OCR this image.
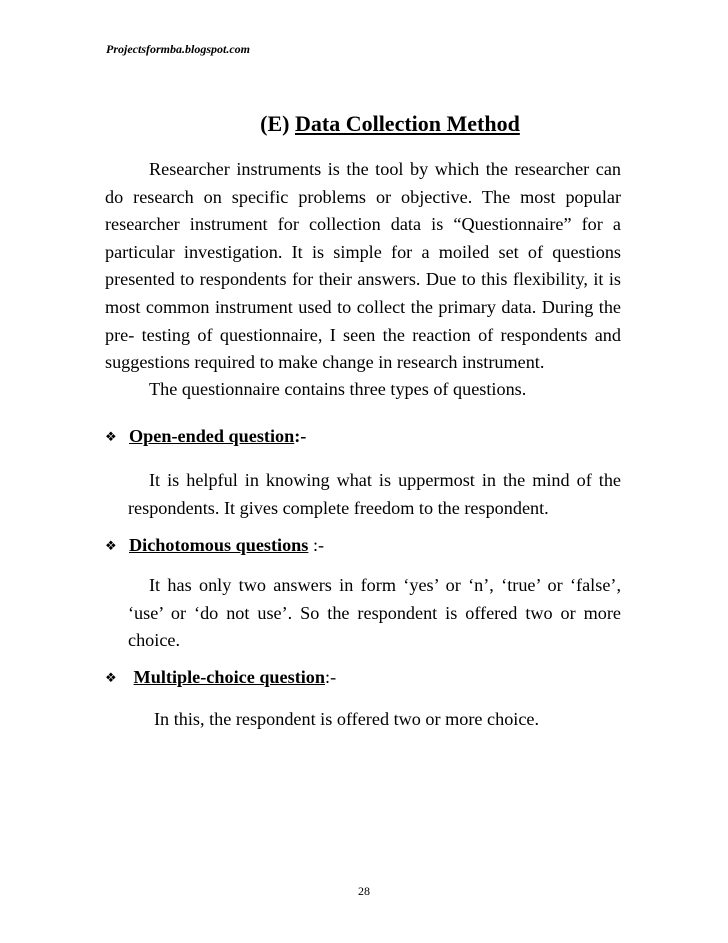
Projectsformba.blogspot.com
(E) Data Collection Method
Researcher instruments is the tool by which the researcher can do research on specific problems or objective. The most popular researcher instrument for collection data is “Questionnaire” for a particular investigation. It is simple for a moiled set of questions presented to respondents for their answers. Due to this flexibility, it is most common instrument used to collect the primary data. During the pre- testing of questionnaire, I seen the reaction of respondents and suggestions required to make change in research instrument.
The questionnaire contains three types of questions.
❖ Open-ended question:-
It is helpful in knowing what is uppermost in the mind of the respondents. It gives complete freedom to the respondent.
❖ Dichotomous questions :-
It has only two answers in form ‘yes’ or ‘n’, ‘true’ or ‘false’, ‘use’ or ‘do not use’. So the respondent is offered two or more choice.
❖ Multiple-choice question:-
In this, the respondent is offered two or more choice.
28
